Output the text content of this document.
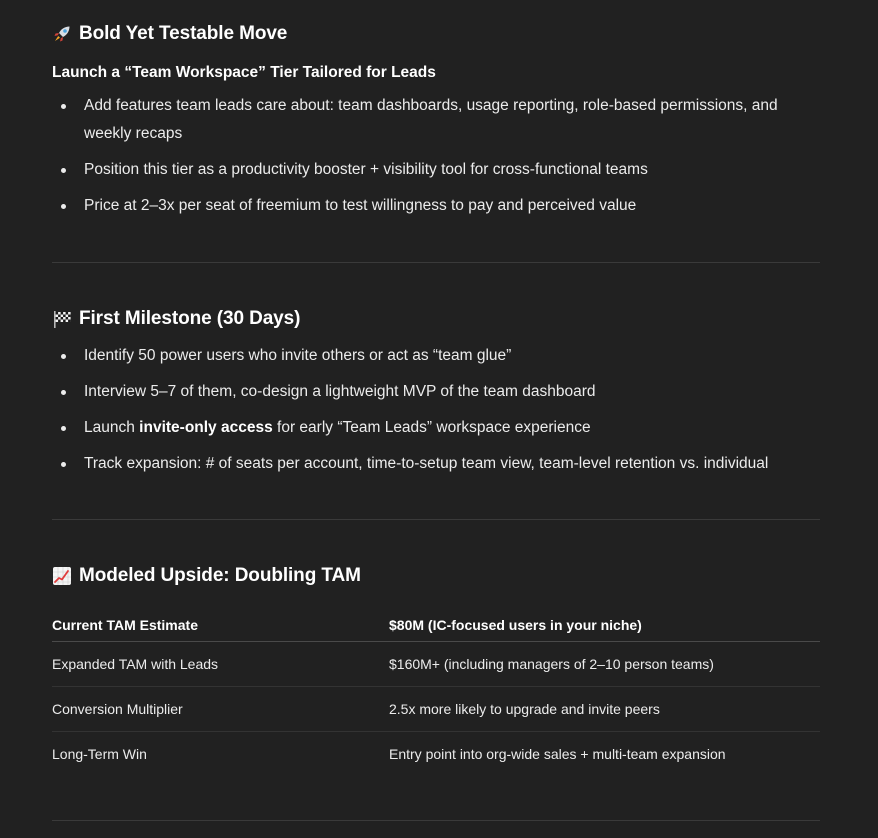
Bold Yet Testable Move

Launch a “Team Workspace” Tier Tailored for Leads

Add features team leads care about: team dashboards, usage reporting, role-based permissions, and weekly recaps
Position this tier as a productivity booster + visibility tool for cross-functional teams
Price at 2–3x per seat of freemium to test willingness to pay and perceived value
First Milestone (30 Days)
Identify 50 power users who invite others or act as “team glue”
Interview 5–7 of them, co-design a lightweight MVP of the team dashboard
Launch invite-only access for early “Team Leads” workspace experience
Track expansion: # of seats per account, time-to-setup team view, team-level retention vs. individual
Modeled Upside: Doubling TAM
Current TAM Estimate	$80M (IC-focused users in your niche)
Expanded TAM with Leads	$160M+ (including managers of 2–10 person teams)
Conversion Multiplier	2.5x more likely to upgrade and invite peers
Long-Term Win	Entry point into org-wide sales + multi-team expansion
